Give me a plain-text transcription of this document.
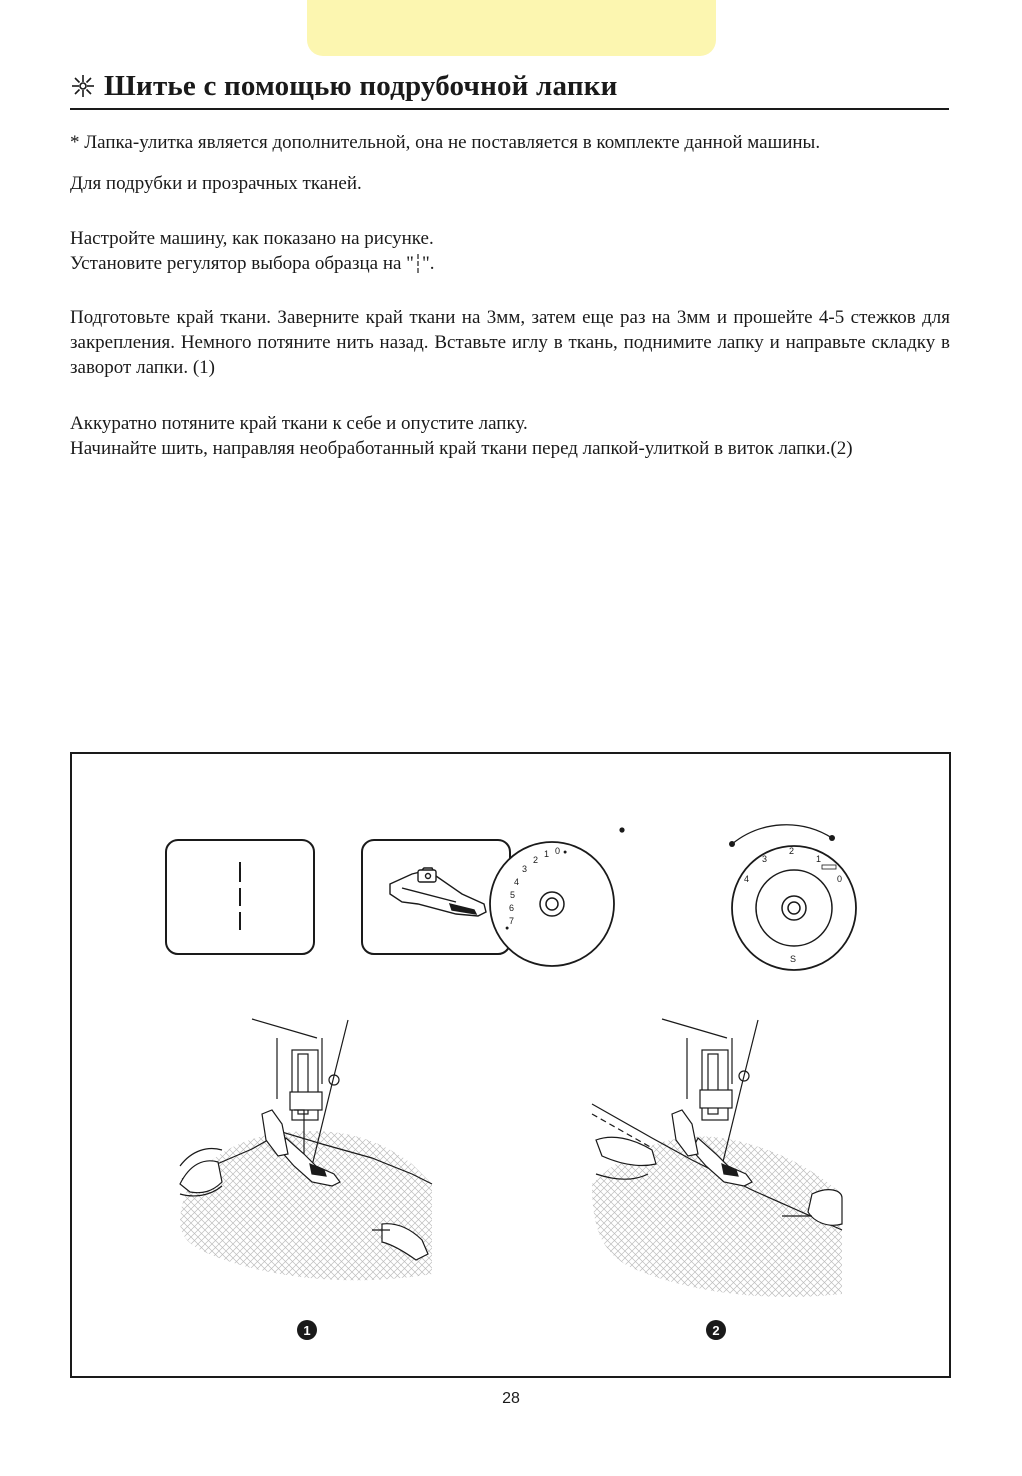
Шитье с помощью подрубочной лапки

* Лапка-улитка является дополнительной, она не поставляется в комплекте данной машины.

Для подрубки и прозрачных тканей.

Настройте машину, как показано на рисунке.

Установите регулятор выбора образца на " ".

Подготовьте край ткани. Заверните край ткани на 3мм, затем еще раз на 3мм и прошейте 4-5 стежков для закрепления. Немного потяните нить назад. Вставьте иглу в ткань, поднимите лапку и направьте складку в заворот лапки. (1)

Аккуратно потяните край ткани к себе и опустите лапку.

Начинайте шить, направляя необработанный край ткани перед лапкой-улиткой в виток лапки.(2)

7
6
5
4
3
2
1 0 ●
●
4
3
2
1
0
S
1	2
28
